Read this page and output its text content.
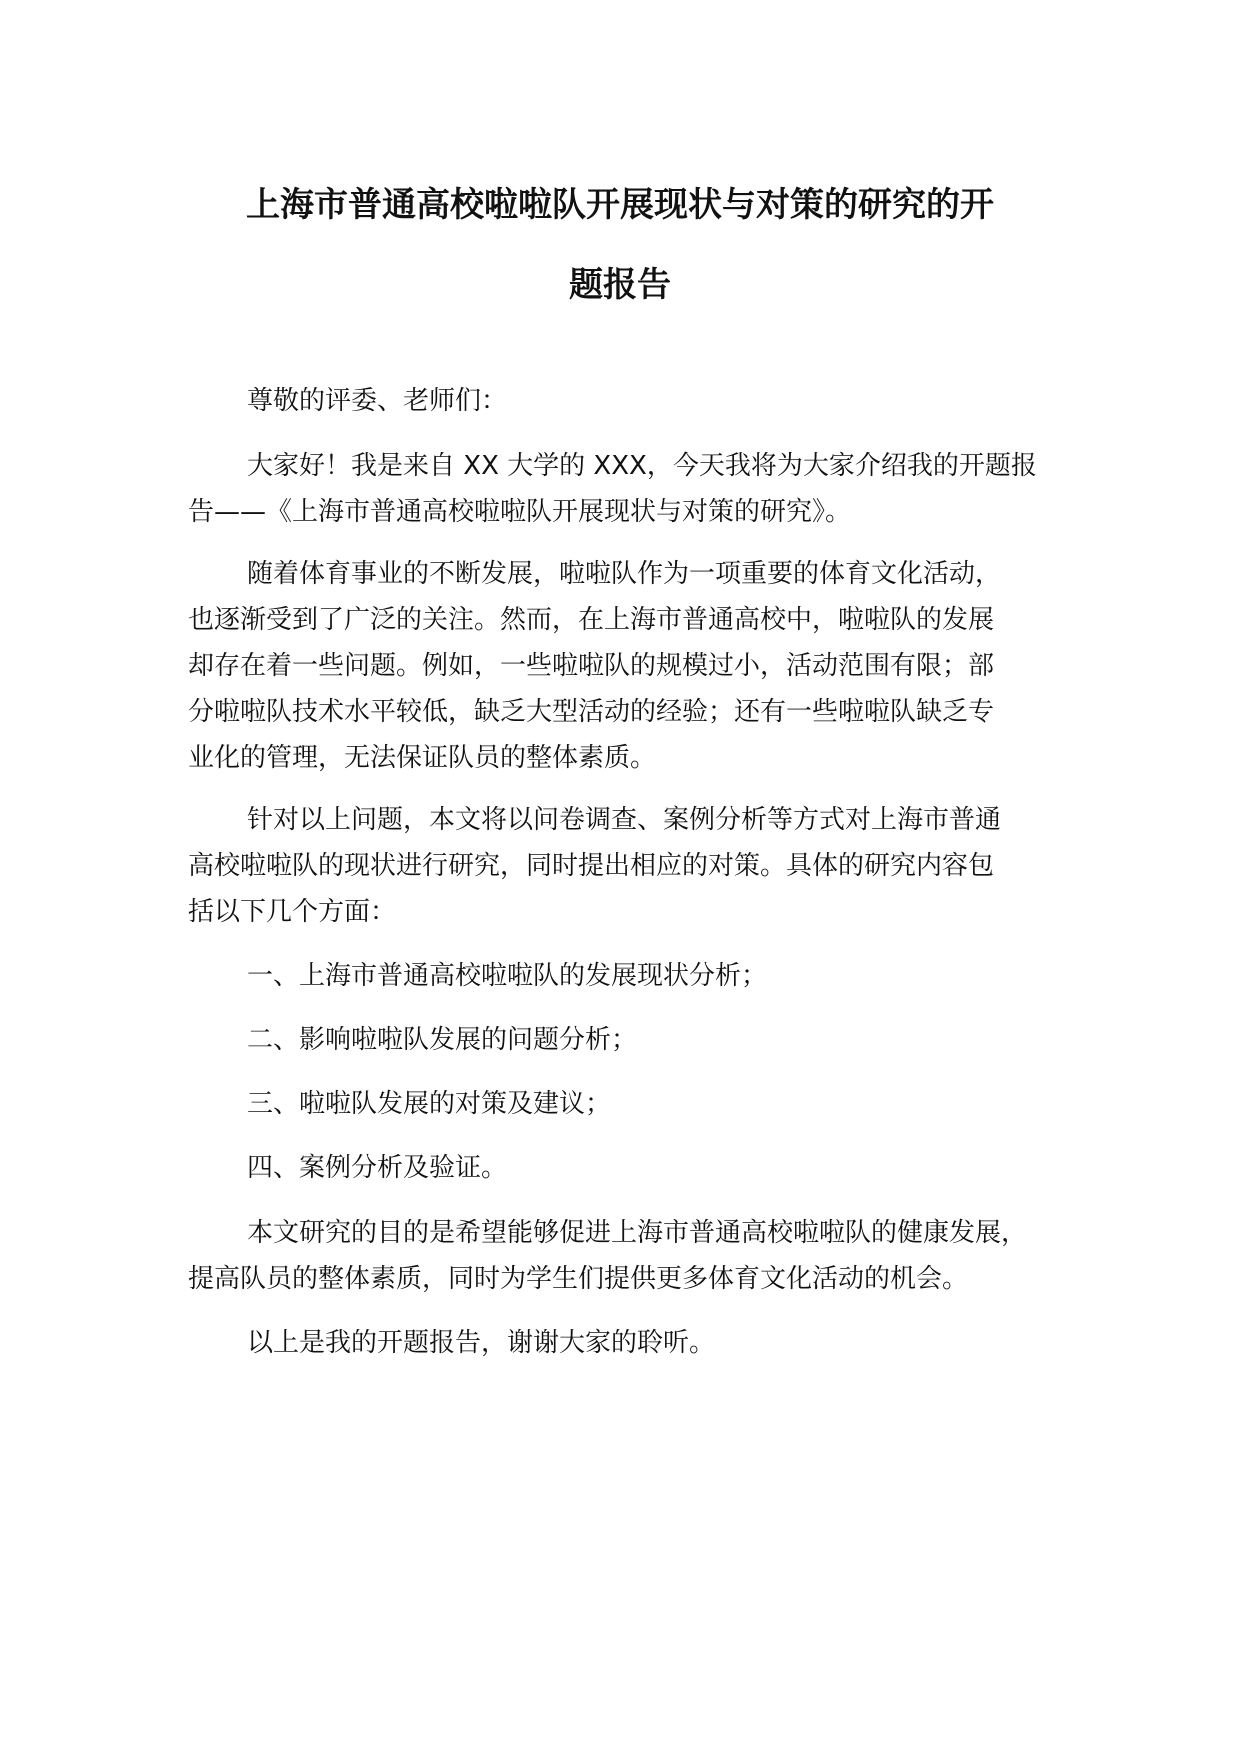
上海市普通高校啦啦队开展现状与对策的研究的开
题报告
尊敬的评委、老师们：
大家好！我是来自 XX 大学的 XXX，今天我将为大家介绍我的开题报
告——《上海市普通高校啦啦队开展现状与对策的研究》。
随着体育事业的不断发展，啦啦队作为一项重要的体育文化活动，
也逐渐受到了广泛的关注。然而，在上海市普通高校中，啦啦队的发展
却存在着一些问题。例如，一些啦啦队的规模过小，活动范围有限；部
分啦啦队技术水平较低，缺乏大型活动的经验；还有一些啦啦队缺乏专
业化的管理，无法保证队员的整体素质。
针对以上问题，本文将以问卷调查、案例分析等方式对上海市普通
高校啦啦队的现状进行研究，同时提出相应的对策。具体的研究内容包
括以下几个方面：
一、上海市普通高校啦啦队的发展现状分析；
二、影响啦啦队发展的问题分析；
三、啦啦队发展的对策及建议；
四、案例分析及验证。
本文研究的目的是希望能够促进上海市普通高校啦啦队的健康发展，
提高队员的整体素质，同时为学生们提供更多体育文化活动的机会。
以上是我的开题报告，谢谢大家的聆听。
